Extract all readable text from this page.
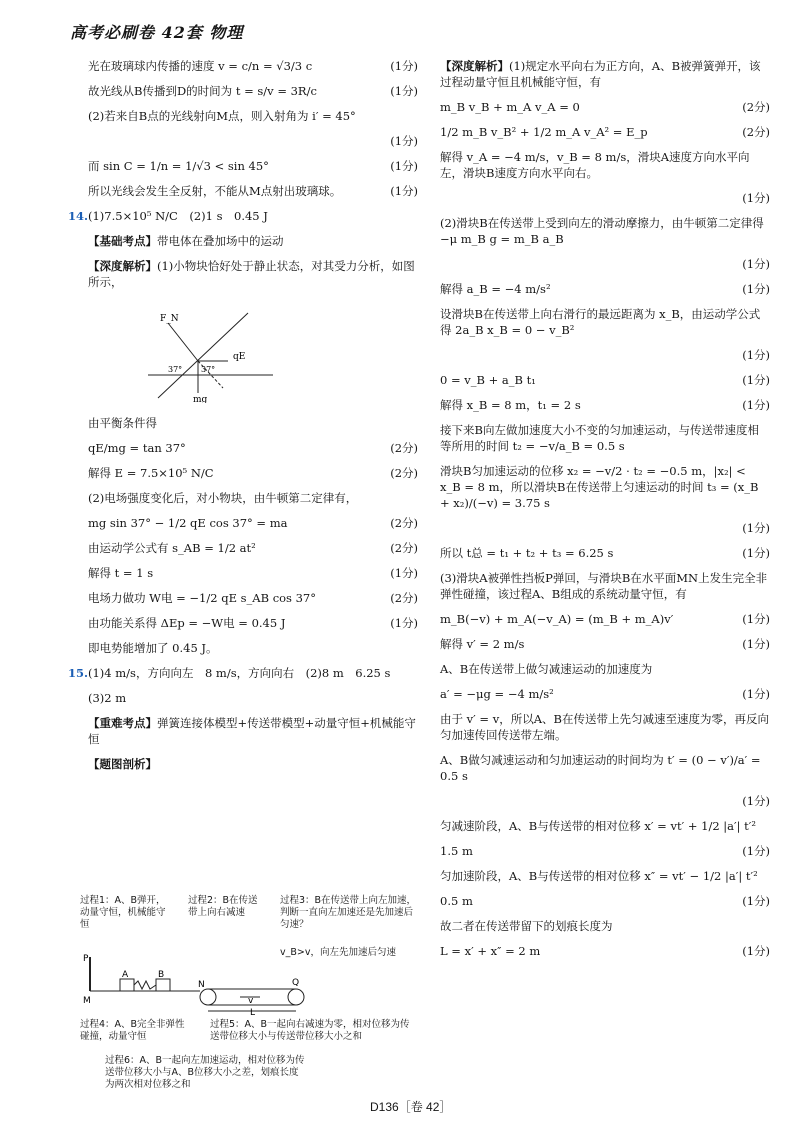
高考必刷卷 42套 物理
光在玻璃球内传播的速度 v = c/n = √3/3 c	(1分)
故光线从B传播到D的时间为 t = s/v = 3R/c	(1分)
(2)若来自B点的光线射向M点，则入射角为 i′ = 45°
(1分)
而 sin C = 1/n = 1/√3 < sin 45°	(1分)
所以光线会发生全反射，不能从M点射出玻璃球。	(1分)
14. (1)7.5×10⁵ N/C　(2)1 s　0.45 J
【基础考点】带电体在叠加场中的运动
【深度解析】(1)小物块恰好处于静止状态，对其受力分析，如图所示，
F_N
qE
mg
37° 37°
由平衡条件得
qE/mg = tan 37°	(2分)
解得 E = 7.5×10⁵ N/C	(2分)
(2)电场强度变化后，对小物块，由牛顿第二定律有，
mg sin 37° − 1/2 qE cos 37° = ma	(2分)
由运动学公式有 s_AB = 1/2 at²	(2分)
解得 t = 1 s	(1分)
电场力做功 W电 = −1/2 qE s_AB cos 37°	(2分)
由功能关系得 ΔEp = −W电 = 0.45 J	(1分)
即电势能增加了 0.45 J。
15. (1)4 m/s，方向向左　8 m/s，方向向右　(2)8 m　6.25 s
(3)2 m
【重难考点】弹簧连接体模型+传送带模型+动量守恒+机械能守恒
【题图剖析】
过程1：A、B弹开，动量守恒，机械能守恒
过程2：B在传送带上向右减速
过程3：B在传送带上向左加速，判断一直向左加速还是先加速后匀速？
v_B>v，向左先加速后匀速
P
M
A	B
N	Q
v
L
过程4：A、B完全非弹性碰撞，动量守恒
过程5：A、B一起向右减速为零，相对位移为传送带位移大小与传送带位移大小之和
过程6：A、B一起向左加速运动，相对位移为传送带位移大小与A、B位移大小之差，划痕长度为两次相对位移之和
【深度解析】(1)规定水平向右为正方向，A、B被弹簧弹开，该过程动量守恒且机械能守恒，有
m_B v_B + m_A v_A = 0	(2分)
1/2 m_B v_B² + 1/2 m_A v_A² = E_p	(2分)
解得 v_A = −4 m/s，v_B = 8 m/s，滑块A速度方向水平向左，滑块B速度方向水平向右。
(1分)
(2)滑块B在传送带上受到向左的滑动摩擦力，由牛顿第二定律得 −μ m_B g = m_B a_B
(1分)
解得 a_B = −4 m/s²	(1分)
设滑块B在传送带上向右滑行的最远距离为 x_B，由运动学公式得 2a_B x_B = 0 − v_B²
(1分)
0 = v_B + a_B t₁	(1分)
解得 x_B = 8 m，t₁ = 2 s	(1分)
接下来B向左做加速度大小不变的匀加速运动，与传送带速度相等所用的时间 t₂ = −v/a_B = 0.5 s
滑块B匀加速运动的位移 x₂ = −v/2 · t₂ = −0.5 m，|x₂| < x_B = 8 m，所以滑块B在传送带上匀速运动的时间 t₃ = (x_B + x₂)/(−v) = 3.75 s
(1分)
所以 t总 = t₁ + t₂ + t₃ = 6.25 s	(1分)
(3)滑块A被弹性挡板P弹回，与滑块B在水平面MN上发生完全非弹性碰撞，该过程A、B组成的系统动量守恒，有
m_B(−v) + m_A(−v_A) = (m_B + m_A)v′	(1分)
解得 v′ = 2 m/s	(1分)
A、B在传送带上做匀减速运动的加速度为
a′ = −μg = −4 m/s²	(1分)
由于 v′ = v，所以A、B在传送带上先匀减速至速度为零，再反向匀加速传回传送带左端。
A、B做匀减速运动和匀加速运动的时间均为 t′ = (0 − v′)/a′ = 0.5 s
(1分)
匀减速阶段，A、B与传送带的相对位移 x′ = vt′ + 1/2 |a′| t′²
1.5 m	(1分)
匀加速阶段，A、B与传送带的相对位移 x″ = vt′ − 1/2 |a′| t′²
0.5 m	(1分)
故二者在传送带留下的划痕长度为
L = x′ + x″ = 2 m	(1分)
D136［卷 42］
